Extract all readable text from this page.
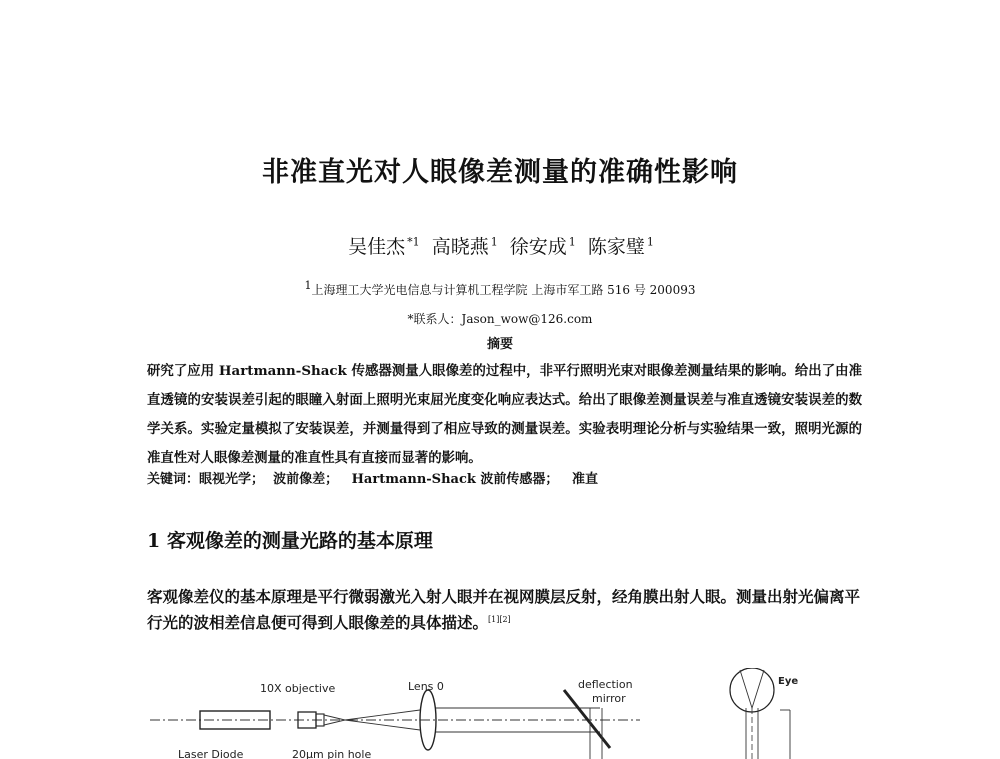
非准直光对人眼像差测量的准确性影响
吴佳杰 $^{*1}$ 高晓燕 $^1$ 徐安成 $^1$ 陈家璧 $^1$
$^1$上海理工大学光电信息与计算机工程学院 上海市军工路 516 号 200093
*联系人：Jason_wow@126.com
摘要
研究了应用 Hartmann-Shack 传感器测量人眼像差的过程中，非平行照明光束对眼像差测量结果的影响。给出了由准直透镜的安装误差引起的眼瞳入射面上照明光束屈光度变化响应表达式。给出了眼像差测量误差与准直透镜安装误差的数学关系。实验定量模拟了安装误差，并测量得到了相应导致的测量误差。实验表明理论分析与实验结果一致，照明光源的准直性对人眼像差测量的准直性具有直接而显著的影响。
关键词：眼视光学；  波前像差；   Hartmann-Shack 波前传感器；   准直
1 客观像差的测量光路的基本原理
客观像差仪的基本原理是平行微弱激光入射人眼并在视网膜层反射，经角膜出射人眼。测量出射光偏离平行光的波相差信息便可得到人眼像差的具体描述。[1][2]
10X objective	Lens 0	deflection
mirror
Eye
Laser Diode	20μm pin hole
